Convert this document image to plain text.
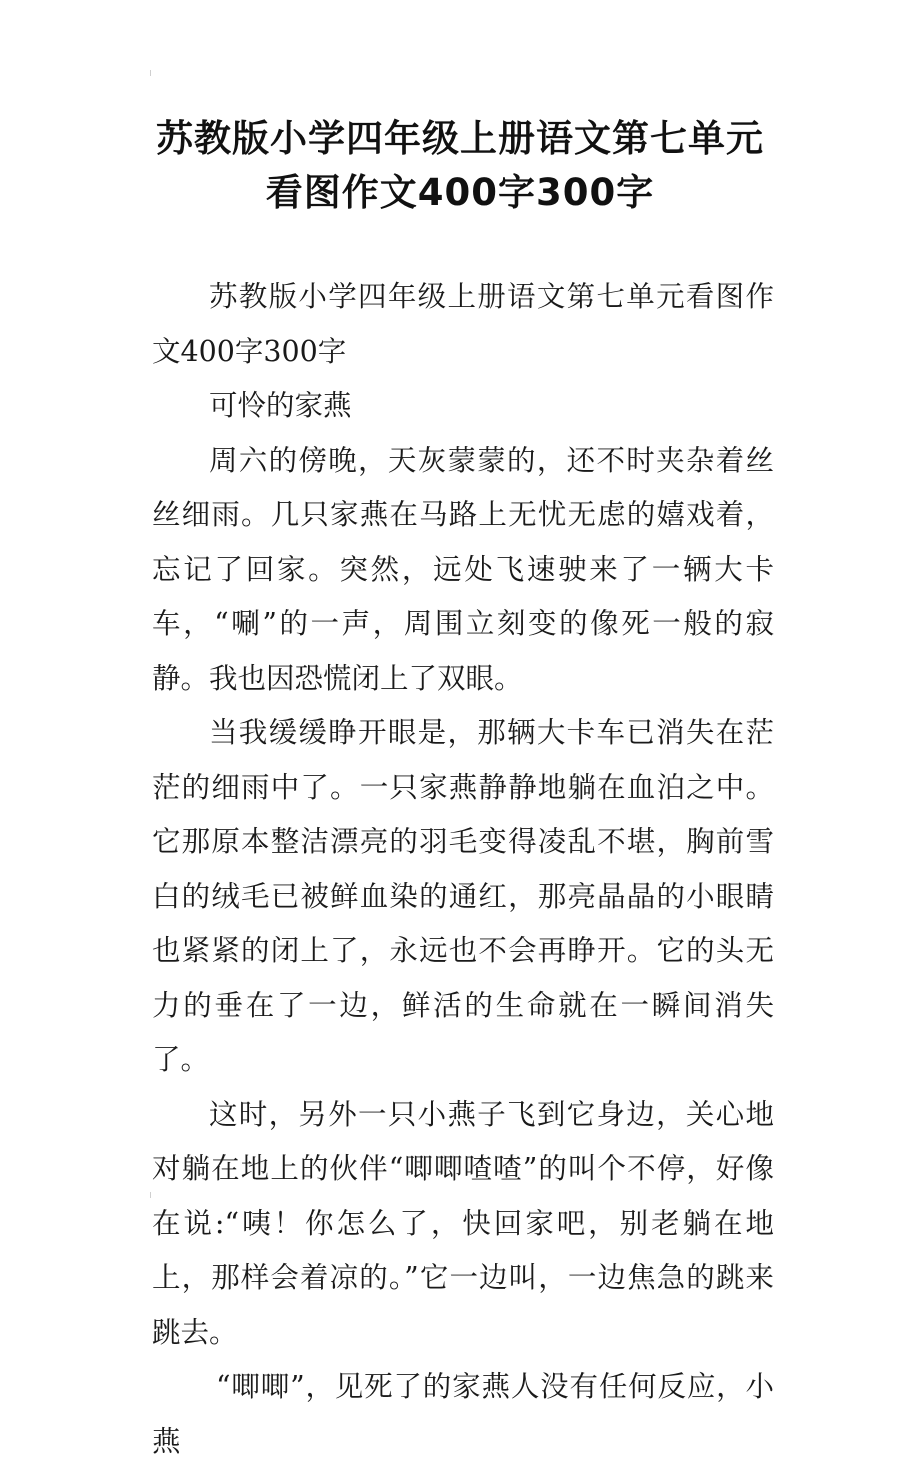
苏教版小学四年级上册语文第七单元
看图作文400字300字

苏教版小学四年级上册语文第七单元看图作文400字300字

可怜的家燕

周六的傍晚，天灰蒙蒙的，还不时夹杂着丝丝细雨。几只家燕在马路上无忧无虑的嬉戏着，忘记了回家。突然，远处飞速驶来了一辆大卡车，“唰”的一声，周围立刻变的像死一般的寂静。我也因恐慌闭上了双眼。

当我缓缓睁开眼是，那辆大卡车已消失在茫茫的细雨中了。一只家燕静静地躺在血泊之中。它那原本整洁漂亮的羽毛变得凌乱不堪，胸前雪白的绒毛已被鲜血染的通红，那亮晶晶的小眼睛也紧紧的闭上了，永远也不会再睁开。它的头无力的垂在了一边，鲜活的生命就在一瞬间消失了。

这时，另外一只小燕子飞到它身边，关心地对躺在地上的伙伴“唧唧喳喳”的叫个不停，好像在说:“咦！你怎么了，快回家吧，别老躺在地上，那样会着凉的。”它一边叫，一边焦急的跳来跳去。

“唧唧”，见死了的家燕人没有任何反应，小燕
